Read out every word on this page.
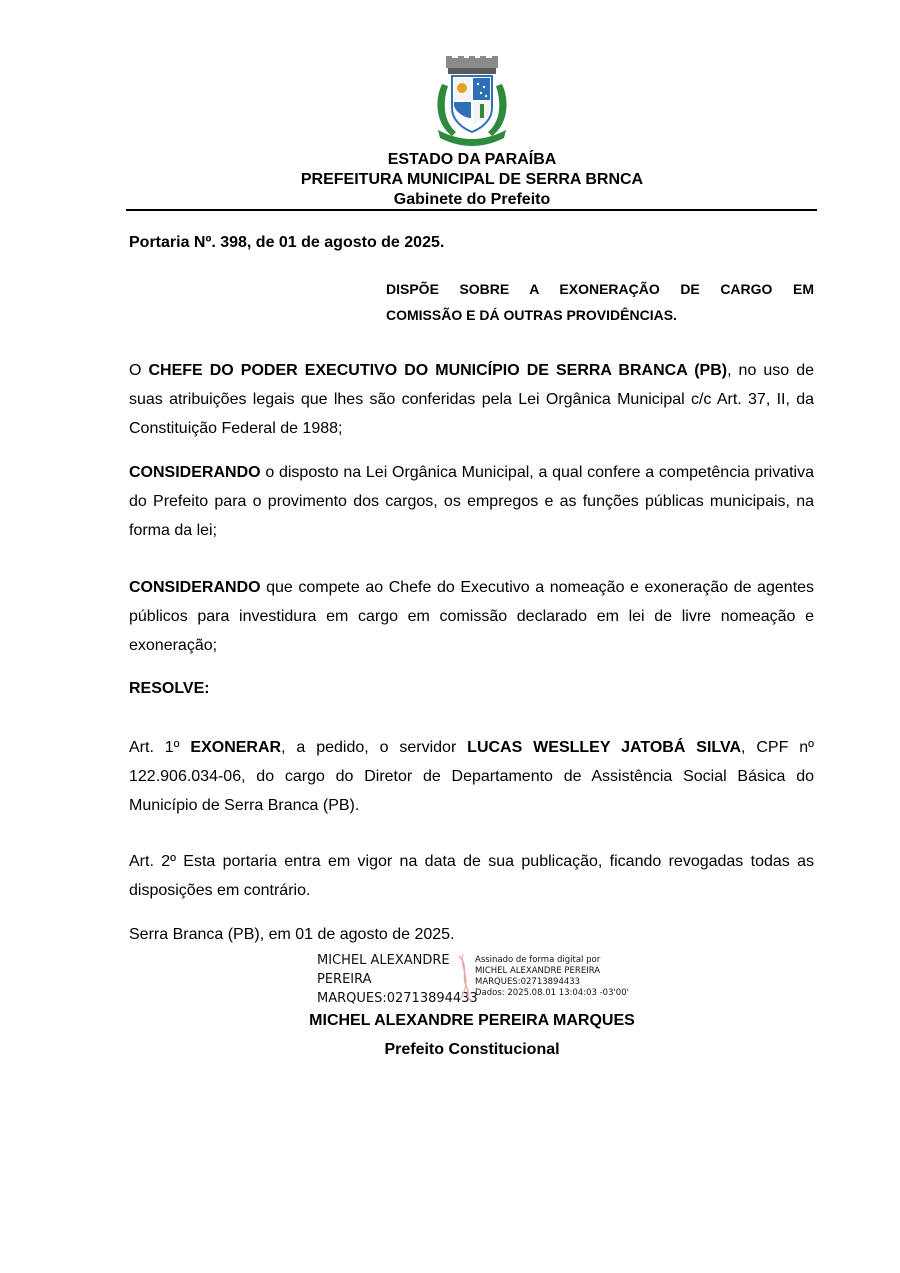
ESTADO DA PARAÍBA
PREFEITURA MUNICIPAL DE SERRA BRNCA
Gabinete do Prefeito
Portaria Nº. 398, de 01 de agosto de 2025.
DISPÕE SOBRE A EXONERAÇÃO DE CARGO EM
COMISSÃO E DÁ OUTRAS PROVIDÊNCIAS.
O CHEFE DO PODER EXECUTIVO DO MUNICÍPIO DE SERRA BRANCA (PB), no uso de suas atribuições legais que lhes são conferidas pela Lei Orgânica Municipal c/c Art. 37, II, da Constituição Federal de 1988;
CONSIDERANDO o disposto na Lei Orgânica Municipal, a qual confere a competência privativa do Prefeito para o provimento dos cargos, os empregos e as funções públicas municipais, na forma da lei;
CONSIDERANDO que compete ao Chefe do Executivo a nomeação e exoneração de agentes públicos para investidura em cargo em comissão declarado em lei de livre nomeação e exoneração;
RESOLVE:
Art. 1º EXONERAR, a pedido, o servidor LUCAS WESLLEY JATOBÁ SILVA, CPF nº 122.906.034-06, do cargo do Diretor de Departamento de Assistência Social Básica do Município de Serra Branca (PB).
Art. 2º Esta portaria entra em vigor na data de sua publicação, ficando revogadas todas as disposições em contrário.
Serra Branca (PB), em 01 de agosto de 2025.
MICHEL ALEXANDRE
PEREIRA
MARQUES:02713894433
Assinado de forma digital por
MICHEL ALEXANDRE PEREIRA
MARQUES:02713894433
Dados: 2025.08.01 13:04:03 -03'00'
MICHEL ALEXANDRE PEREIRA MARQUES
Prefeito Constitucional
